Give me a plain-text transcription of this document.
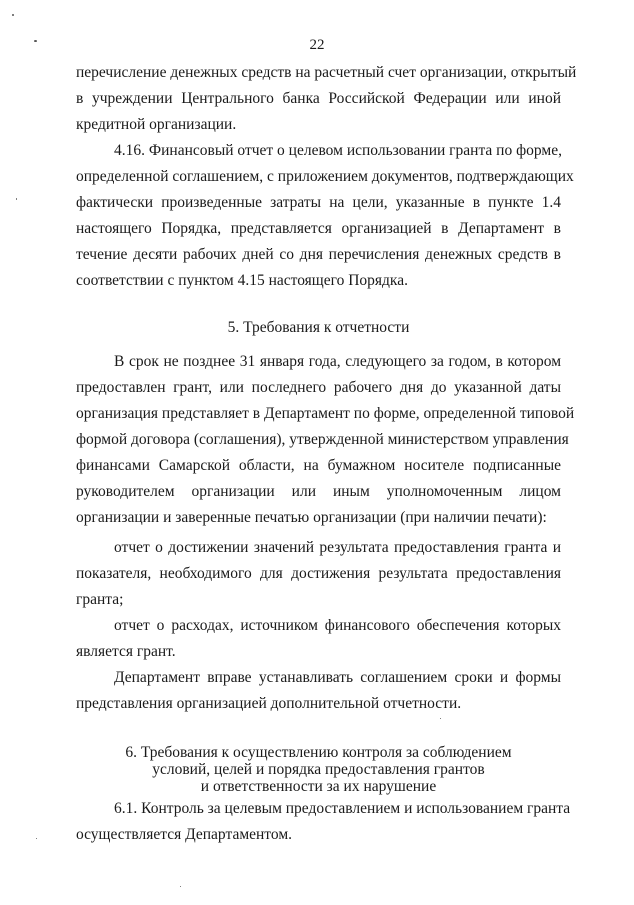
22
перечисление денежных средств на расчетный счет организации, открытый
в учреждении Центрального банка Российской Федерации или иной
кредитной организации.
4.16. Финансовый отчет о целевом использовании гранта по форме,
определенной соглашением, с приложением документов, подтверждающих
фактически произведенные затраты на цели, указанные в пункте 1.4
настоящего Порядка, представляется организацией в Департамент в
течение десяти рабочих дней со дня перечисления денежных средств в
соответствии с пунктом 4.15 настоящего Порядка.
5. Требования к отчетности
В срок не позднее 31 января года, следующего за годом, в котором
предоставлен грант, или последнего рабочего дня до указанной даты
организация представляет в Департамент по форме, определенной типовой
формой договора (соглашения), утвержденной министерством управления
финансами Самарской области, на бумажном носителе подписанные
руководителем организации или иным уполномоченным лицом
организации и заверенные печатью организации (при наличии печати):
отчет о достижении значений результата предоставления гранта и
показателя, необходимого для достижения результата предоставления
гранта;
отчет о расходах, источником финансового обеспечения которых
является грант.
Департамент вправе устанавливать соглашением сроки и формы
представления организацией дополнительной отчетности.
6. Требования к осуществлению контроля за соблюдением
условий, целей и порядка предоставления грантов
и ответственности за их нарушение
6.1. Контроль за целевым предоставлением и использованием гранта
осуществляется Департаментом.
